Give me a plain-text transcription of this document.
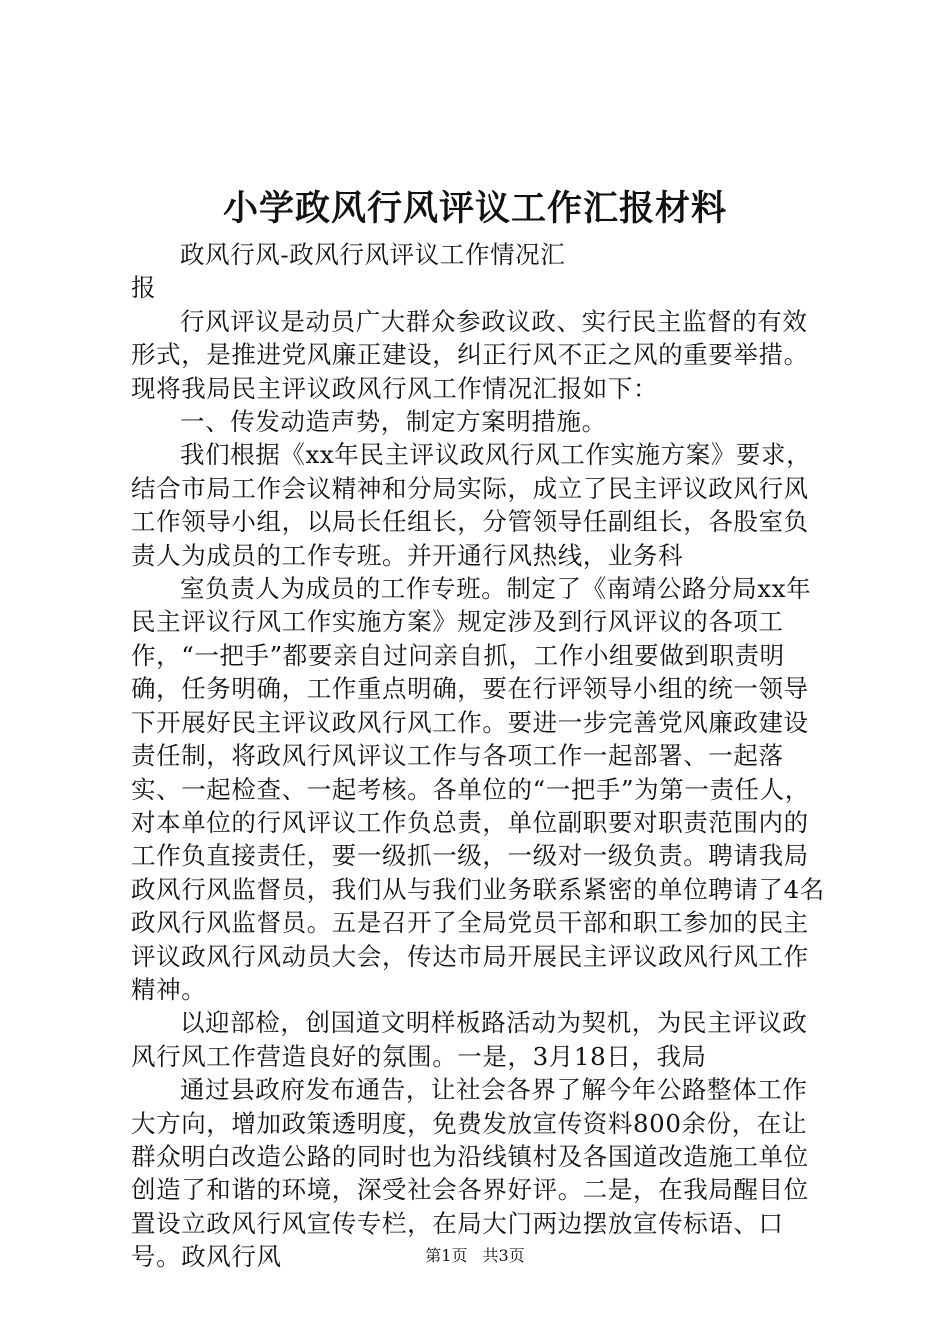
小学政风行风评议工作汇报材料

政风行风-政风行风评议工作情况汇报

行风评议是动员广大群众参政议政、实行民主监督的有效形式，是推进党风廉正建设，纠正行风不正之风的重要举措。现将我局民主评议政风行风工作情况汇报如下：

一、传发动造声势，制定方案明措施。

我们根据《xx年民主评议政风行风工作实施方案》要求，结合市局工作会议精神和分局实际，成立了民主评议政风行风工作领导小组，以局长任组长，分管领导任副组长，各股室负责人为成员的工作专班。并开通行风热线，业务科

室负责人为成员的工作专班。制定了《南靖公路分局xx年民主评议行风工作实施方案》规定涉及到行风评议的各项工作，“一把手”都要亲自过问亲自抓，工作小组要做到职责明确，任务明确，工作重点明确，要在行评领导小组的统一领导下开展好民主评议政风行风工作。要进一步完善党风廉政建设责任制，将政风行风评议工作与各项工作一起部署、一起落实、一起检查、一起考核。各单位的“一把手”为第一责任人，对本单位的行风评议工作负总责，单位副职要对职责范围内的工作负直接责任，要一级抓一级，一级对一级负责。聘请我局政风行风监督员，我们从与我们业务联系紧密的单位聘请了4名政风行风监督员。五是召开了全局党员干部和职工参加的民主评议政风行风动员大会，传达市局开展民主评议政风行风工作精神。

以迎部检，创国道文明样板路活动为契机，为民主评议政风行风工作营造良好的氛围。一是，3月18日，我局

通过县政府发布通告，让社会各界了解今年公路整体工作大方向，增加政策透明度，免费发放宣传资料800余份，在让群众明白改造公路的同时也为沿线镇村及各国道改造施工单位创造了和谐的环境，深受社会各界好评。二是，在我局醒目位置设立政风行风宣传专栏，在局大门两边摆放宣传标语、口号。政风行风	第1页 共3页
